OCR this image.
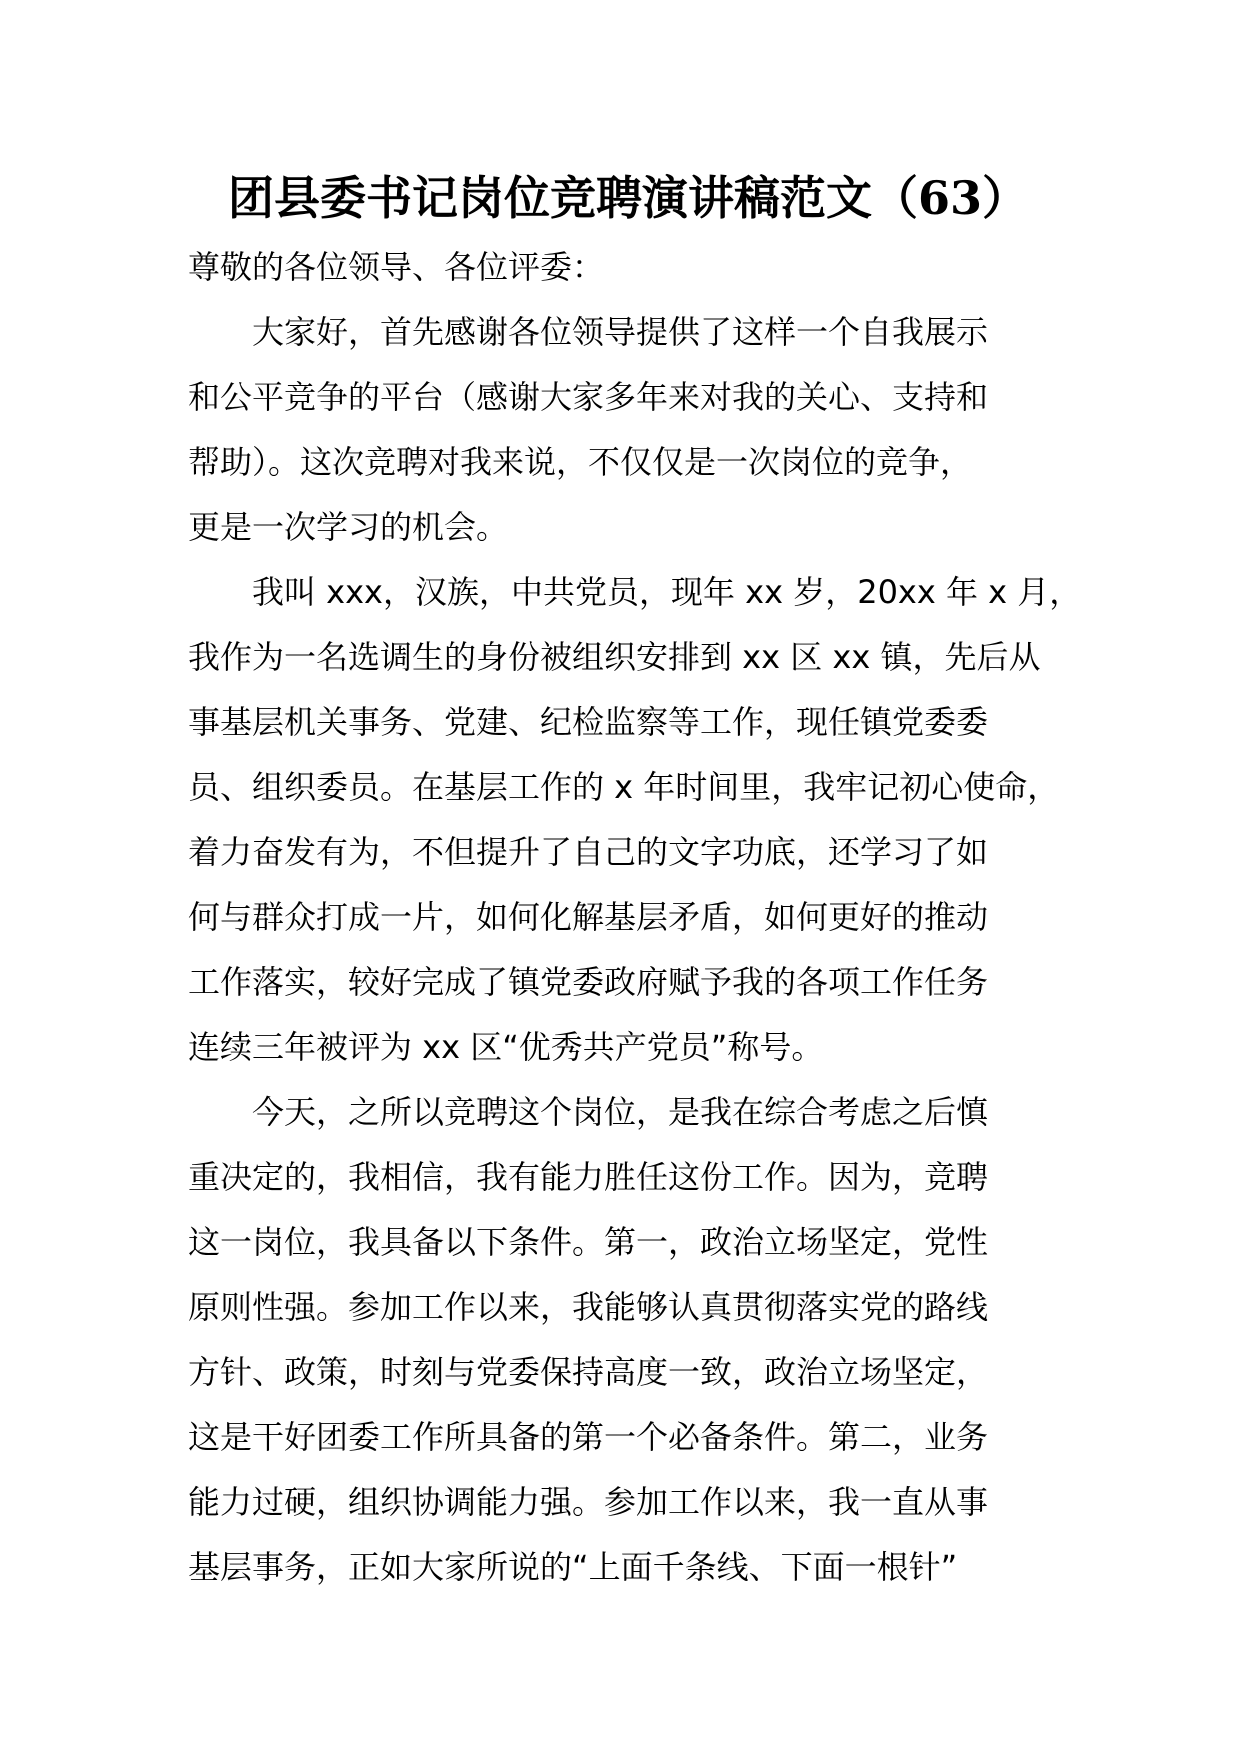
团县委书记岗位竞聘演讲稿范文（63）

尊敬的各位领导、各位评委：

大家好，首先感谢各位领导提供了这样一个自我展示
和公平竞争的平台（感谢大家多年来对我的关心、支持和
帮助）。这次竞聘对我来说，不仅仅是一次岗位的竞争，
更是一次学习的机会。
我叫 xxx，汉族，中共党员，现年 xx 岁，20xx 年 x 月，
我作为一名选调生的身份被组织安排到 xx 区 xx 镇，先后从
事基层机关事务、党建、纪检监察等工作，现任镇党委委
员、组织委员。在基层工作的 x 年时间里，我牢记初心使命，
着力奋发有为，不但提升了自己的文字功底，还学习了如
何与群众打成一片，如何化解基层矛盾，如何更好的推动
工作落实，较好完成了镇党委政府赋予我的各项工作任务
连续三年被评为 xx 区“优秀共产党员”称号。
今天，之所以竞聘这个岗位，是我在综合考虑之后慎
重决定的，我相信，我有能力胜任这份工作。因为，竞聘
这一岗位，我具备以下条件。第一，政治立场坚定，党性
原则性强。参加工作以来，我能够认真贯彻落实党的路线
方针、政策，时刻与党委保持高度一致，政治立场坚定，
这是干好团委工作所具备的第一个必备条件。第二，业务
能力过硬，组织协调能力强。参加工作以来，我一直从事
基层事务，正如大家所说的“上面千条线、下面一根针”
